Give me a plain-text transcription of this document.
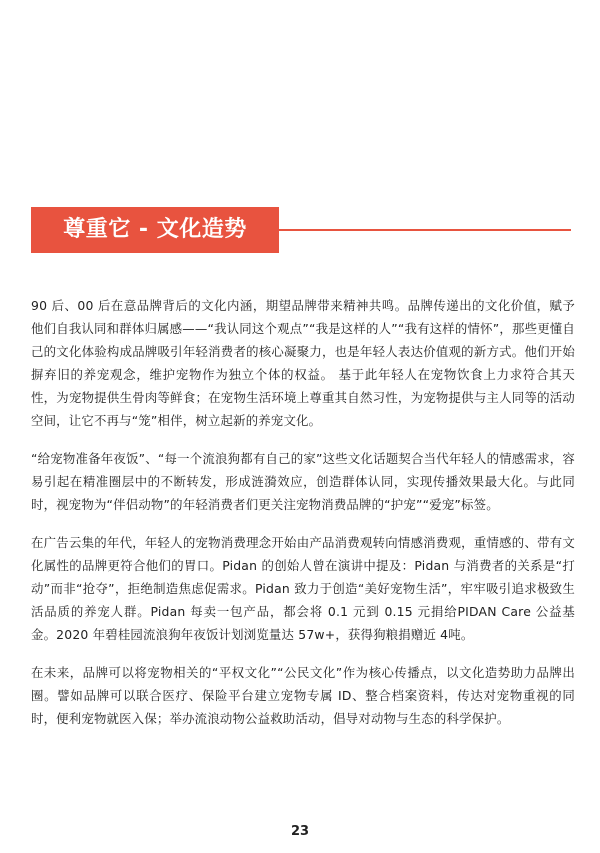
尊重它 - 文化造势

90 后、00 后在意品牌背后的文化内涵，期望品牌带来精神共鸣。品牌传递出的文化价值，赋予他们自我认同和群体归属感——“我认同这个观点”“我是这样的人”“我有这样的情怀”，那些更懂自己的文化体验构成品牌吸引年轻消费者的核心凝聚力，也是年轻人表达价值观的新方式。他们开始摒弃旧的养宠观念，维护宠物作为独立个体的权益。 基于此年轻人在宠物饮食上力求符合其天性，为宠物提供生骨肉等鲜食；在宠物生活环境上尊重其自然习性，为宠物提供与主人同等的活动空间，让它不再与“笼”相伴，树立起新的养宠文化。

“给宠物准备年夜饭”、“每一个流浪狗都有自己的家”这些文化话题契合当代年轻人的情感需求，容易引起在精准圈层中的不断转发，形成涟漪效应，创造群体认同，实现传播效果最大化。与此同时，视宠物为“伴侣动物”的年轻消费者们更关注宠物消费品牌的“护宠”“爱宠”标签。

在广告云集的年代，年轻人的宠物消费理念开始由产品消费观转向情感消费观，重情感的、带有文化属性的品牌更符合他们的胃口。Pidan 的创始人曾在演讲中提及：Pidan 与消费者的关系是“打动”而非“抢夺”，拒绝制造焦虑促需求。Pidan 致力于创造“美好宠物生活”，牢牢吸引追求极致生活品质的养宠人群。Pidan 每卖一包产品，都会将 0.1 元到 0.15 元捐给PIDAN Care 公益基金。2020 年碧桂园流浪狗年夜饭计划浏览量达 57w+，获得狗粮捐赠近 4吨。

在未来，品牌可以将宠物相关的“平权文化”“公民文化”作为核心传播点，以文化造势助力品牌出圈。譬如品牌可以联合医疗、保险平台建立宠物专属 ID、整合档案资料，传达对宠物重视的同时，便利宠物就医入保；举办流浪动物公益救助活动，倡导对动物与生态的科学保护。

23
